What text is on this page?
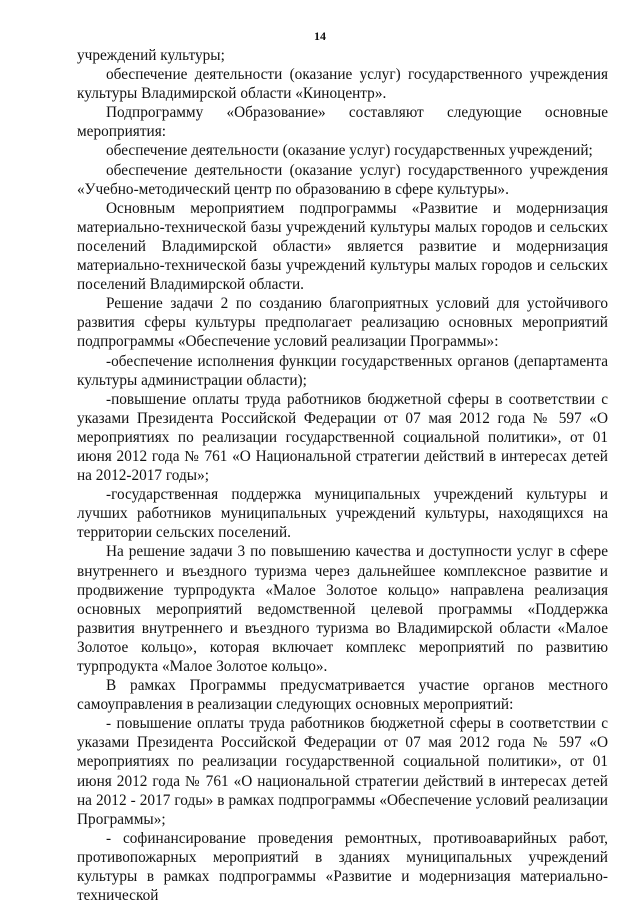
14

учреждений культуры;

обеспечение деятельности (оказание услуг) государственного учреждения культуры Владимирской области «Киноцентр».

Подпрограмму «Образование» составляют следующие основные мероприятия:

обеспечение деятельности (оказание услуг) государственных учреждений;

обеспечение деятельности (оказание услуг) государственного учреждения «Учебно-методический центр по образованию в сфере культуры».

Основным мероприятием подпрограммы «Развитие и модернизация материально-технической базы учреждений культуры малых городов и сельских поселений Владимирской области» является развитие и модернизация материально-технической базы учреждений культуры малых городов и сельских поселений Владимирской области.

Решение задачи 2 по созданию благоприятных условий для устойчивого развития сферы культуры предполагает реализацию основных мероприятий подпрограммы «Обеспечение условий реализации Программы»:

-обеспечение исполнения функции государственных органов (департамента культуры администрации области);

-повышение оплаты труда работников бюджетной сферы в соответствии с указами Президента Российской Федерации от 07 мая 2012 года № 597 «О мероприятиях по реализации государственной социальной политики», от 01 июня 2012 года № 761 «О Национальной стратегии действий в интересах детей на 2012-2017 годы»;

-государственная поддержка муниципальных учреждений культуры и лучших работников муниципальных учреждений культуры, находящихся на территории сельских поселений.

На решение задачи 3 по повышению качества и доступности услуг в сфере внутреннего и въездного туризма через дальнейшее комплексное развитие и продвижение турпродукта «Малое Золотое кольцо» направлена реализация основных мероприятий ведомственной целевой программы «Поддержка развития внутреннего и въездного туризма во Владимирской области «Малое Золотое кольцо», которая включает комплекс мероприятий по развитию турпродукта «Малое Золотое кольцо».

В рамках Программы предусматривается участие органов местного самоуправления в реализации следующих основных мероприятий:

- повышение оплаты труда работников бюджетной сферы в соответствии с указами Президента Российской Федерации от 07 мая 2012 года № 597 «О мероприятиях по реализации государственной социальной политики», от 01 июня 2012 года № 761 «О национальной стратегии действий в интересах детей на 2012 - 2017 годы» в рамках подпрограммы «Обеспечение условий реализации Программы»;

- софинансирование проведения ремонтных, противоаварийных работ, противопожарных мероприятий в зданиях муниципальных учреждений культуры в рамках подпрограммы «Развитие и модернизация материально-технической
